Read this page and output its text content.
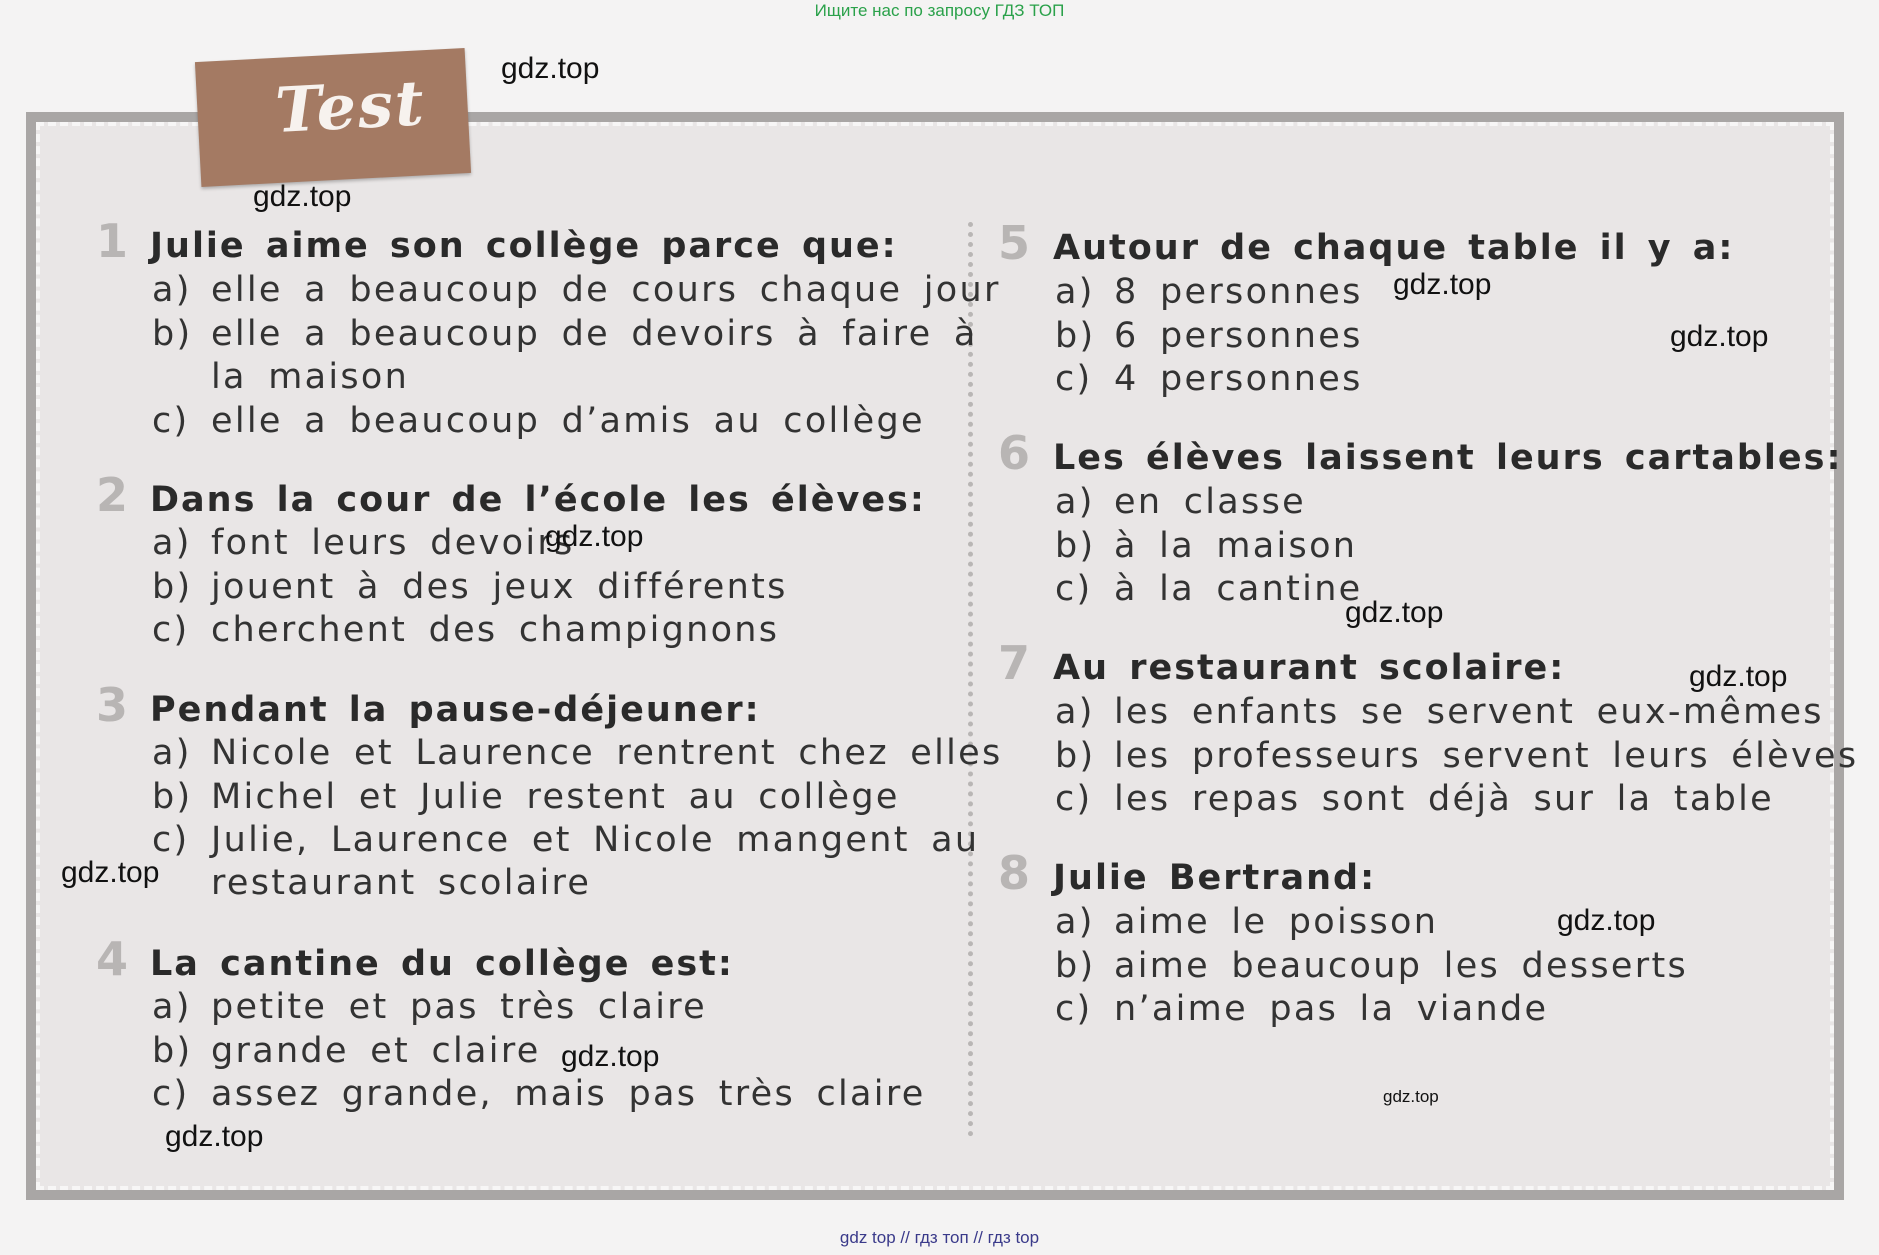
Ищите нас по запросу ГДЗ ТОП
Test
1 Julie aime son collège parce que:
a) elle a beaucoup de cours chaque jour
b) elle a beaucoup de devoirs à faire à
la maison
c) elle a beaucoup d’amis au collège
2 Dans la cour de l’école les élèves:
a) font leurs devoirs
b) jouent à des jeux différents
c) cherchent des champignons
3 Pendant la pause-déjeuner:
a) Nicole et Laurence rentrent chez elles
b) Michel et Julie restent au collège
c) Julie, Laurence et Nicole mangent au
restaurant scolaire
4 La cantine du collège est:
a) petite et pas très claire
b) grande et claire
c) assez grande, mais pas très claire
5 Autour de chaque table il y a:
a) 8 personnes
b) 6 personnes
c) 4 personnes
6 Les élèves laissent leurs cartables:
a) en classe
b) à la maison
c) à la cantine
7 Au restaurant scolaire:
a) les enfants se servent eux-mêmes
b) les professeurs servent leurs élèves
c) les repas sont déjà sur la table
8 Julie Bertrand:
a) aime le poisson
b) aime beaucoup les desserts
c) n’aime pas la viande
gdz.top
gdz.top
gdz.top
gdz.top
gdz.top
gdz.top
gdz.top
gdz.top
gdz.top
gdz.top
gdz.top
gdz.top
gdz top // гдз топ // гдз top
